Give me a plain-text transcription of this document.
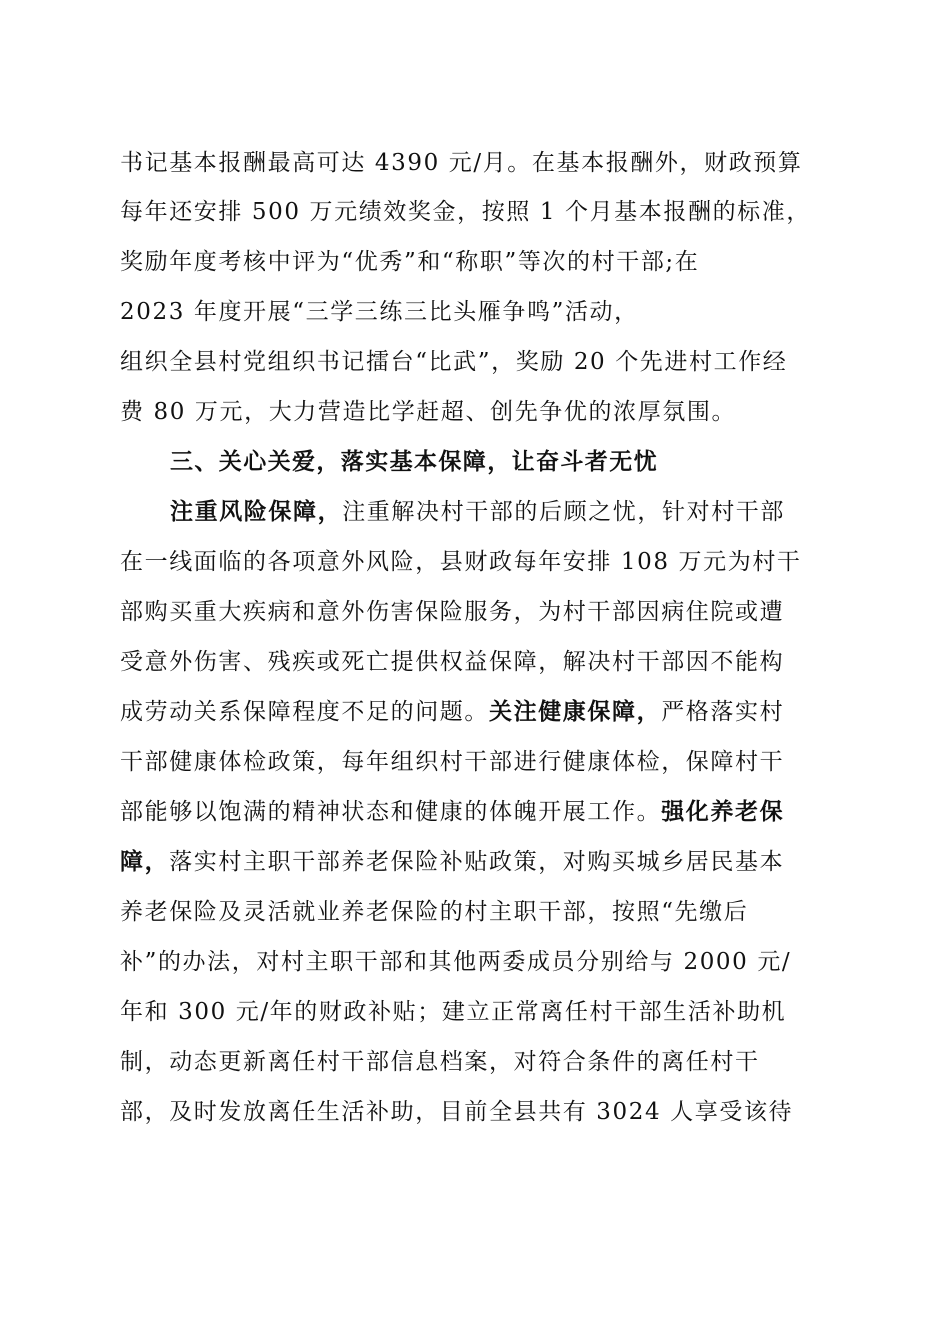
书记基本报酬最高可达 4390 元/月。在基本报酬外，财政预算
每年还安排 500 万元绩效奖金，按照 1 个月基本报酬的标准，
奖励年度考核中评为“优秀”和“称职”等次的村干部;在
2023 年度开展“三学三练三比头雁争鸣”活动，
组织全县村党组织书记擂台“比武”，奖励 20 个先进村工作经
费 80 万元，大力营造比学赶超、创先争优的浓厚氛围。
三、关心关爱，落实基本保障，让奋斗者无忧
注重风险保障，注重解决村干部的后顾之忧，针对村干部
在一线面临的各项意外风险，县财政每年安排 108 万元为村干
部购买重大疾病和意外伤害保险服务，为村干部因病住院或遭
受意外伤害、残疾或死亡提供权益保障，解决村干部因不能构
成劳动关系保障程度不足的问题。关注健康保障，严格落实村
干部健康体检政策，每年组织村干部进行健康体检，保障村干
部能够以饱满的精神状态和健康的体魄开展工作。强化养老保
障，落实村主职干部养老保险补贴政策，对购买城乡居民基本
养老保险及灵活就业养老保险的村主职干部，按照“先缴后
补”的办法，对村主职干部和其他两委成员分别给与 2000 元/
年和 300 元/年的财政补贴；建立正常离任村干部生活补助机
制，动态更新离任村干部信息档案，对符合条件的离任村干
部，及时发放离任生活补助，目前全县共有 3024 人享受该待
